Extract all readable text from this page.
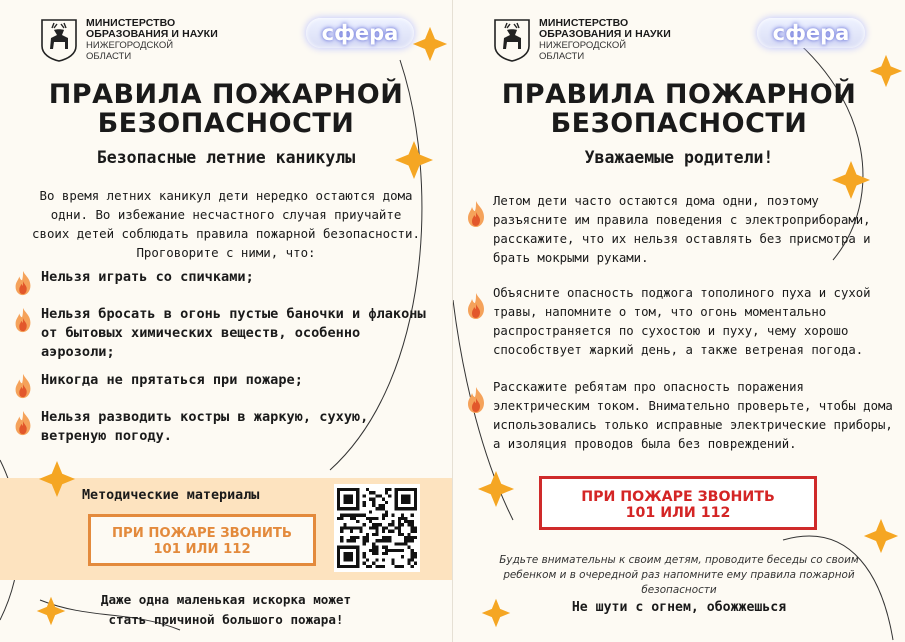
МИНИСТЕРСТВО
ОБРАЗОВАНИЯ И НАУКИ
НИЖЕГОРОДСКОЙ
ОБЛАСТИ
сфера
ПРАВИЛА ПОЖАРНОЙ
БЕЗОПАСНОСТИ
Безопасные летние каникулы
Во время летних каникул дети нередко остаются дома одни. Во избежание несчастного случая приучайте своих детей соблюдать правила пожарной безопасности. Проговорите с ними, что:
Нельзя играть со спичками;
Нельзя бросать в огонь пустые баночки и флаконы от бытовых химических веществ, особенно аэрозоли;
Никогда не прятаться при пожаре;
Нельзя разводить костры в жаркую, сухую, ветреную погоду.
Методические материалы
ПРИ ПОЖАРЕ ЗВОНИТЬ
101 ИЛИ 112
Даже одна маленькая искорка может
стать причиной большого пожара!
МИНИСТЕРСТВО
ОБРАЗОВАНИЯ И НАУКИ
НИЖЕГОРОДСКОЙ
ОБЛАСТИ
сфера
ПРАВИЛА ПОЖАРНОЙ
БЕЗОПАСНОСТИ
Уважаемые родители!
Летом дети часто остаются дома одни, поэтому разъясните им правила поведения с электроприборами, расскажите, что их нельзя оставлять без присмотра и брать мокрыми руками.
Объясните опасность поджога тополиного пуха и сухой травы, напомните о том, что огонь моментально распространяется по сухостою и пуху, чему хорошо способствует жаркий день, а также ветреная погода.
Расскажите ребятам про опасность поражения электрическим током. Внимательно проверьте, чтобы дома использовались только исправные электрические приборы, а изоляция проводов была без повреждений.
ПРИ ПОЖАРЕ ЗВОНИТЬ
101 ИЛИ 112
Будьте внимательны к своим детям, проводите беседы со своим ребенком и в очередной раз напомните ему правила пожарной безопасности
Не шути с огнем, обожжешься
